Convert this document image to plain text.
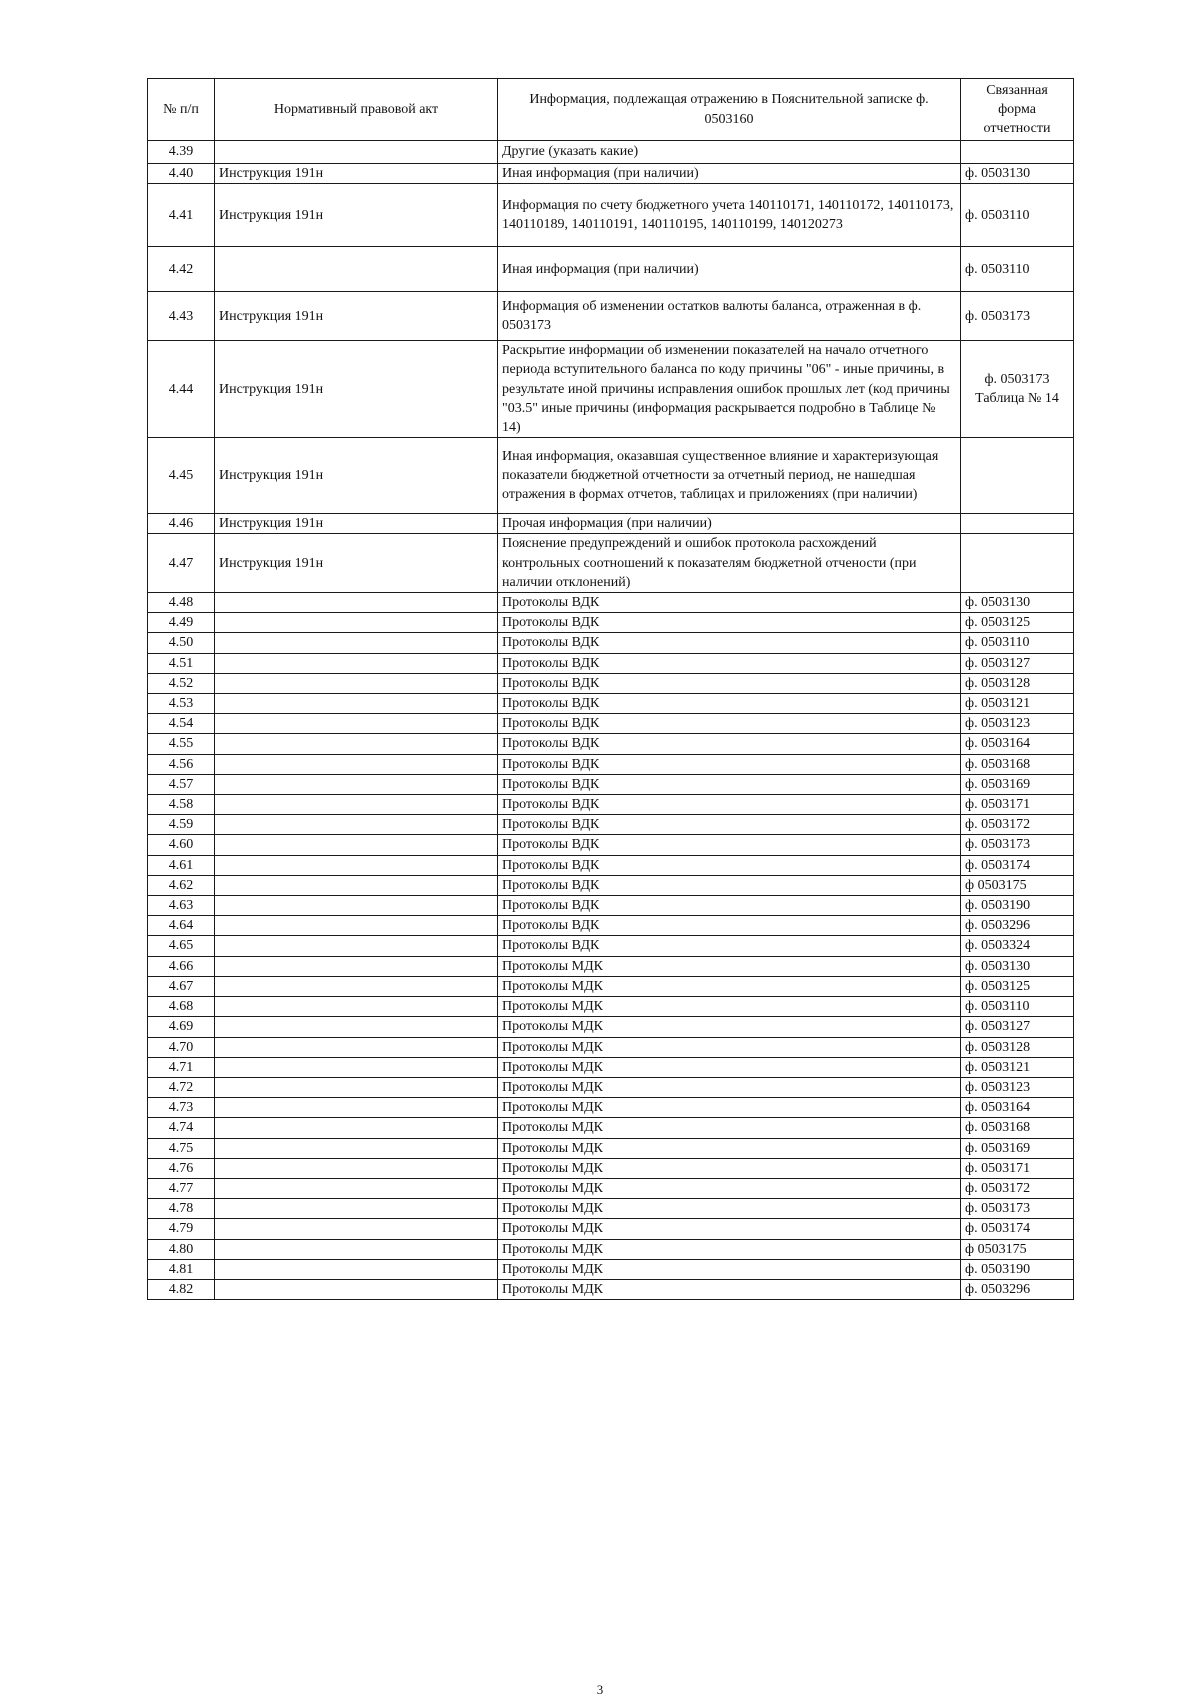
№ п/п	Нормативный правовой акт	Информация, подлежащая отражению в Пояснительной записке ф. 0503160	Связанная форма отчетности
4.39		Другие (указать какие)	
4.40	Инструкция 191н	Иная информация (при наличии)	ф. 0503130
4.41	Инструкция 191н	Информация по счету бюджетного учета 140110171, 140110172, 140110173, 140110189, 140110191, 140110195, 140110199, 140120273	ф. 0503110
4.42		Иная информация (при наличии)	ф. 0503110
4.43	Инструкция 191н	Информация об изменении остатков валюты баланса, отраженная в ф. 0503173	ф. 0503173
4.44	Инструкция 191н	Раскрытие информации об изменении показателей на начало отчетного периода вступительного баланса по коду причины "06" - иные причины, в результате иной причины исправления ошибок прошлых лет (код причины "03.5" иные причины (информация раскрывается подробно в Таблице № 14)	ф. 0503173 Таблица № 14
4.45	Инструкция 191н	Иная информация, оказавшая существенное влияние и характеризующая показатели бюджетной отчетности за отчетный период, не нашедшая отражения в формах отчетов, таблицах и приложениях (при наличии)	
4.46	Инструкция 191н	Прочая информация (при наличии)	
4.47	Инструкция 191н	Пояснение предупреждений и ошибок протокола расхождений контрольных соотношений к показателям бюджетной отчености (при наличии отклонений)	
4.48		Протоколы ВДК	ф. 0503130
4.49		Протоколы ВДК	ф. 0503125
4.50		Протоколы ВДК	ф. 0503110
4.51		Протоколы ВДК	ф. 0503127
4.52		Протоколы ВДК	ф. 0503128
4.53		Протоколы ВДК	ф. 0503121
4.54		Протоколы ВДК	ф. 0503123
4.55		Протоколы ВДК	ф. 0503164
4.56		Протоколы ВДК	ф. 0503168
4.57		Протоколы ВДК	ф. 0503169
4.58		Протоколы ВДК	ф. 0503171
4.59		Протоколы ВДК	ф. 0503172
4.60		Протоколы ВДК	ф. 0503173
4.61		Протоколы ВДК	ф. 0503174
4.62		Протоколы ВДК	ф 0503175
4.63		Протоколы ВДК	ф. 0503190
4.64		Протоколы ВДК	ф. 0503296
4.65		Протоколы ВДК	ф. 0503324
4.66		Протоколы МДК	ф. 0503130
4.67		Протоколы МДК	ф. 0503125
4.68		Протоколы МДК	ф. 0503110
4.69		Протоколы МДК	ф. 0503127
4.70		Протоколы МДК	ф. 0503128
4.71		Протоколы МДК	ф. 0503121
4.72		Протоколы МДК	ф. 0503123
4.73		Протоколы МДК	ф. 0503164
4.74		Протоколы МДК	ф. 0503168
4.75		Протоколы МДК	ф. 0503169
4.76		Протоколы МДК	ф. 0503171
4.77		Протоколы МДК	ф. 0503172
4.78		Протоколы МДК	ф. 0503173
4.79		Протоколы МДК	ф. 0503174
4.80		Протоколы МДК	ф 0503175
4.81		Протоколы МДК	ф. 0503190
4.82		Протоколы МДК	ф. 0503296
3
